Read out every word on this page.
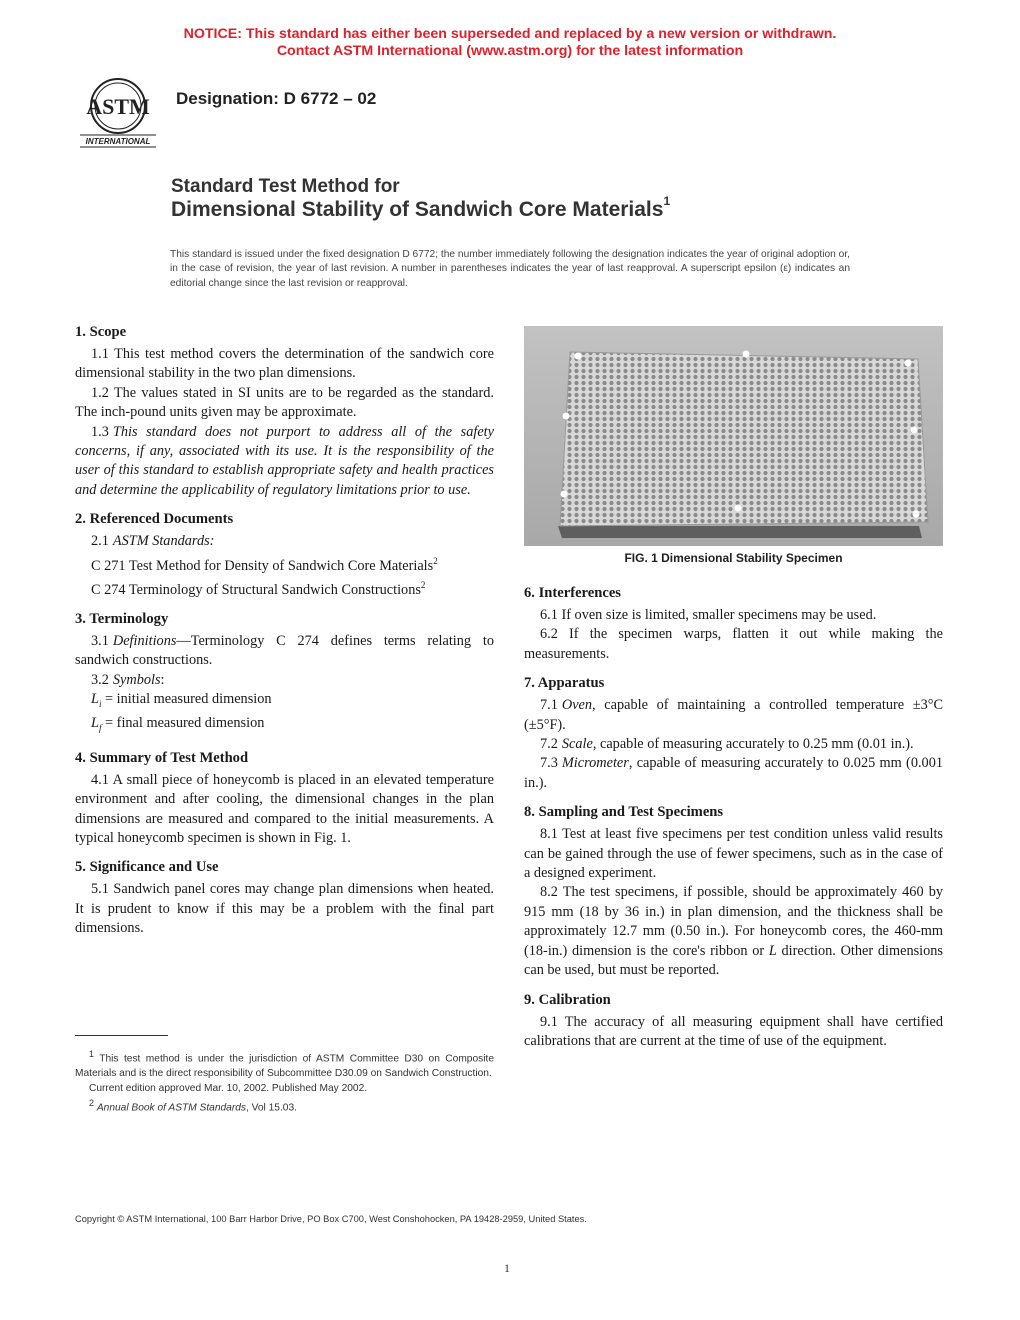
NOTICE: This standard has either been superseded and replaced by a new version or withdrawn.
Contact ASTM International (www.astm.org) for the latest information
ASTM
INTERNATIONAL
Designation: D 6772 – 02
Standard Test Method for
Dimensional Stability of Sandwich Core Materials$^1$
This standard is issued under the fixed designation D 6772; the number immediately following the designation indicates the year of original adoption or, in the case of revision, the year of last revision. A number in parentheses indicates the year of last reapproval. A superscript epsilon (ε) indicates an editorial change since the last revision or reapproval.
1. Scope

1.1 This test method covers the determination of the sandwich core dimensional stability in the two plan dimensions.

1.2 The values stated in SI units are to be regarded as the standard. The inch-pound units given may be approximate.

1.3 This standard does not purport to address all of the safety concerns, if any, associated with its use. It is the responsibility of the user of this standard to establish appropriate safety and health practices and determine the applicability of regulatory limitations prior to use.

2. Referenced Documents

2.1 ASTM Standards:

C 271 Test Method for Density of Sandwich Core Materials$^2$

C 274 Terminology of Structural Sandwich Constructions$^2$

3. Terminology

3.1 Definitions—Terminology C 274 defines terms relating to sandwich constructions.

3.2 Symbols:

$L_i$ = initial measured dimension

$L_f$ = final measured dimension

4. Summary of Test Method

4.1 A small piece of honeycomb is placed in an elevated temperature environment and after cooling, the dimensional changes in the plan dimensions are measured and compared to the initial measurements. A typical honeycomb specimen is shown in Fig. 1.

5. Significance and Use

5.1 Sandwich panel cores may change plan dimensions when heated. It is prudent to know if this may be a problem with the final part dimensions.

FIG. 1 Dimensional Stability Specimen
6. Interferences

6.1 If oven size is limited, smaller specimens may be used.

6.2 If the specimen warps, flatten it out while making the measurements.

7. Apparatus

7.1 Oven, capable of maintaining a controlled temperature ±3°C (±5°F).

7.2 Scale, capable of measuring accurately to 0.25 mm (0.01 in.).

7.3 Micrometer, capable of measuring accurately to 0.025 mm (0.001 in.).

8. Sampling and Test Specimens

8.1 Test at least five specimens per test condition unless valid results can be gained through the use of fewer specimens, such as in the case of a designed experiment.

8.2 The test specimens, if possible, should be approximately 460 by 915 mm (18 by 36 in.) in plan dimension, and the thickness shall be approximately 12.7 mm (0.50 in.). For honeycomb cores, the 460-mm (18-in.) dimension is the core's ribbon or L direction. Other dimensions can be used, but must be reported.

9. Calibration

9.1 The accuracy of all measuring equipment shall have certified calibrations that are current at the time of use of the equipment.

$^1$ This test method is under the jurisdiction of ASTM Committee D30 on Composite Materials and is the direct responsibility of Subcommittee D30.09 on Sandwich Construction.

Current edition approved Mar. 10, 2002. Published May 2002.

$^2$ Annual Book of ASTM Standards, Vol 15.03.

Copyright © ASTM International, 100 Barr Harbor Drive, PO Box C700, West Conshohocken, PA 19428-2959, United States.
1
